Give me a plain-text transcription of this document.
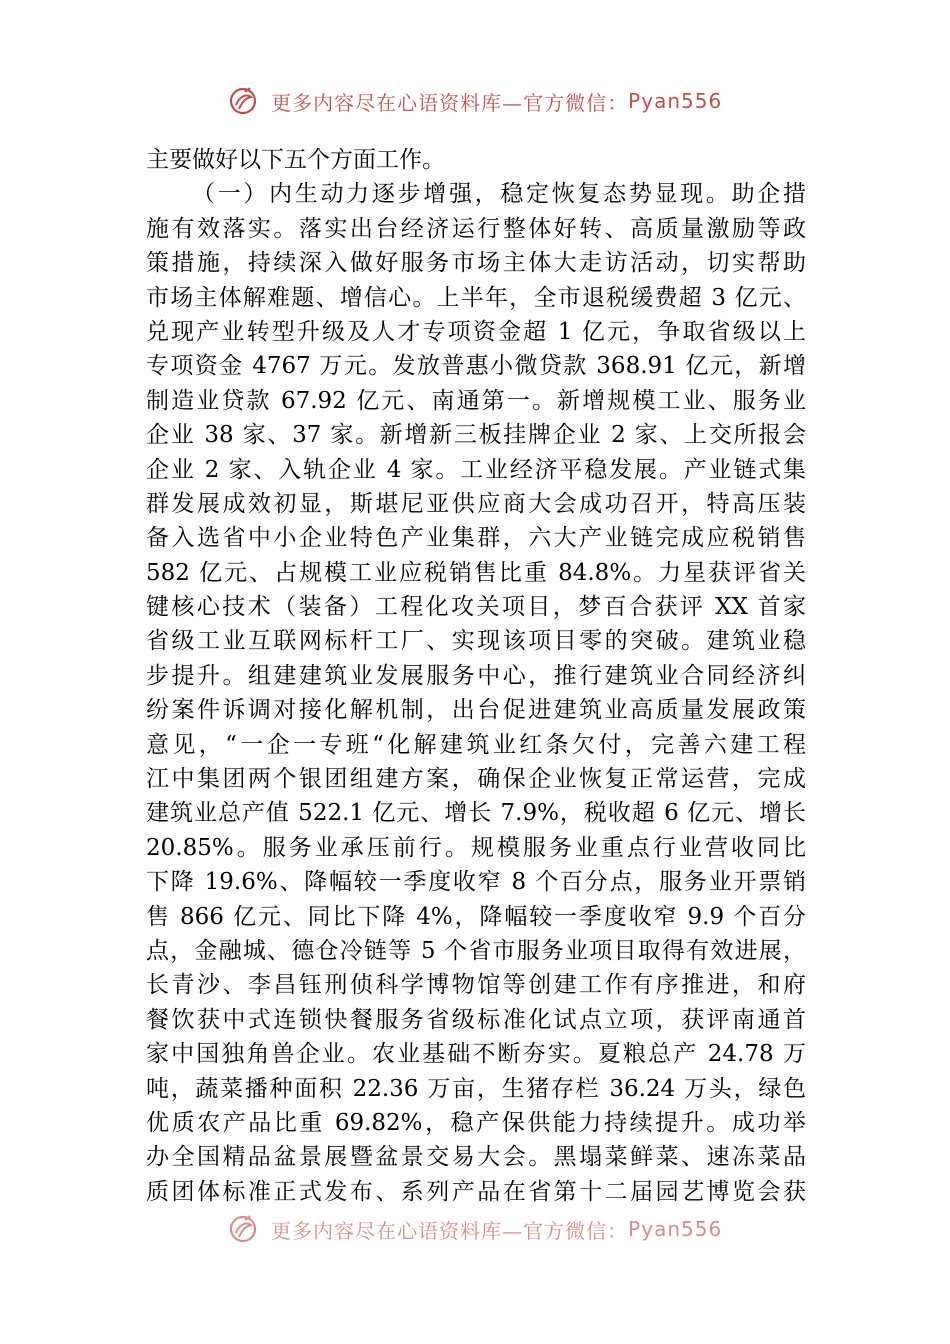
更多内容尽在心语资料库—官方微信：Pyan556
主要做好以下五个方面工作。
（一）内生动力逐步增强，稳定恢复态势显现。助企措
施有效落实。落实出台经济运行整体好转、高质量激励等政
策措施，持续深入做好服务市场主体大走访活动，切实帮助
市场主体解难题、增信心。上半年，全市退税缓费超 3 亿元、
兑现产业转型升级及人才专项资金超 1 亿元，争取省级以上
专项资金 4767 万元。发放普惠小微贷款 368.91 亿元，新增
制造业贷款 67.92 亿元、南通第一。新增规模工业、服务业
企业 38 家、37 家。新增新三板挂牌企业 2 家、上交所报会
企业 2 家、入轨企业 4 家。工业经济平稳发展。产业链式集
群发展成效初显，斯堪尼亚供应商大会成功召开，特高压装
备入选省中小企业特色产业集群，六大产业链完成应税销售
582 亿元、占规模工业应税销售比重 84.8%。力星获评省关
键核心技术（装备）工程化攻关项目，梦百合获评 XX 首家
省级工业互联网标杆工厂、实现该项目零的突破。建筑业稳
步提升。组建建筑业发展服务中心，推行建筑业合同经济纠
纷案件诉调对接化解机制，出台促进建筑业高质量发展政策
意见，“一企一专班“化解建筑业红条欠付，完善六建工程
江中集团两个银团组建方案，确保企业恢复正常运营，完成
建筑业总产值 522.1 亿元、增长 7.9%，税收超 6 亿元、增长
20.85%。服务业承压前行。规模服务业重点行业营收同比
下降 19.6%、降幅较一季度收窄 8 个百分点，服务业开票销
售 866 亿元、同比下降 4%，降幅较一季度收窄 9.9 个百分
点，金融城、德仓冷链等 5 个省市服务业项目取得有效进展，
长青沙、李昌钰刑侦科学博物馆等创建工作有序推进，和府
餐饮获中式连锁快餐服务省级标准化试点立项，获评南通首
家中国独角兽企业。农业基础不断夯实。夏粮总产 24.78 万
吨，蔬菜播种面积 22.36 万亩，生猪存栏 36.24 万头，绿色
优质农产品比重 69.82%，稳产保供能力持续提升。成功举
办全国精品盆景展暨盆景交易大会。黑塌菜鲜菜、速冻菜品
质团体标准正式发布、系列产品在省第十二届园艺博览会获
更多内容尽在心语资料库—官方微信：Pyan556
